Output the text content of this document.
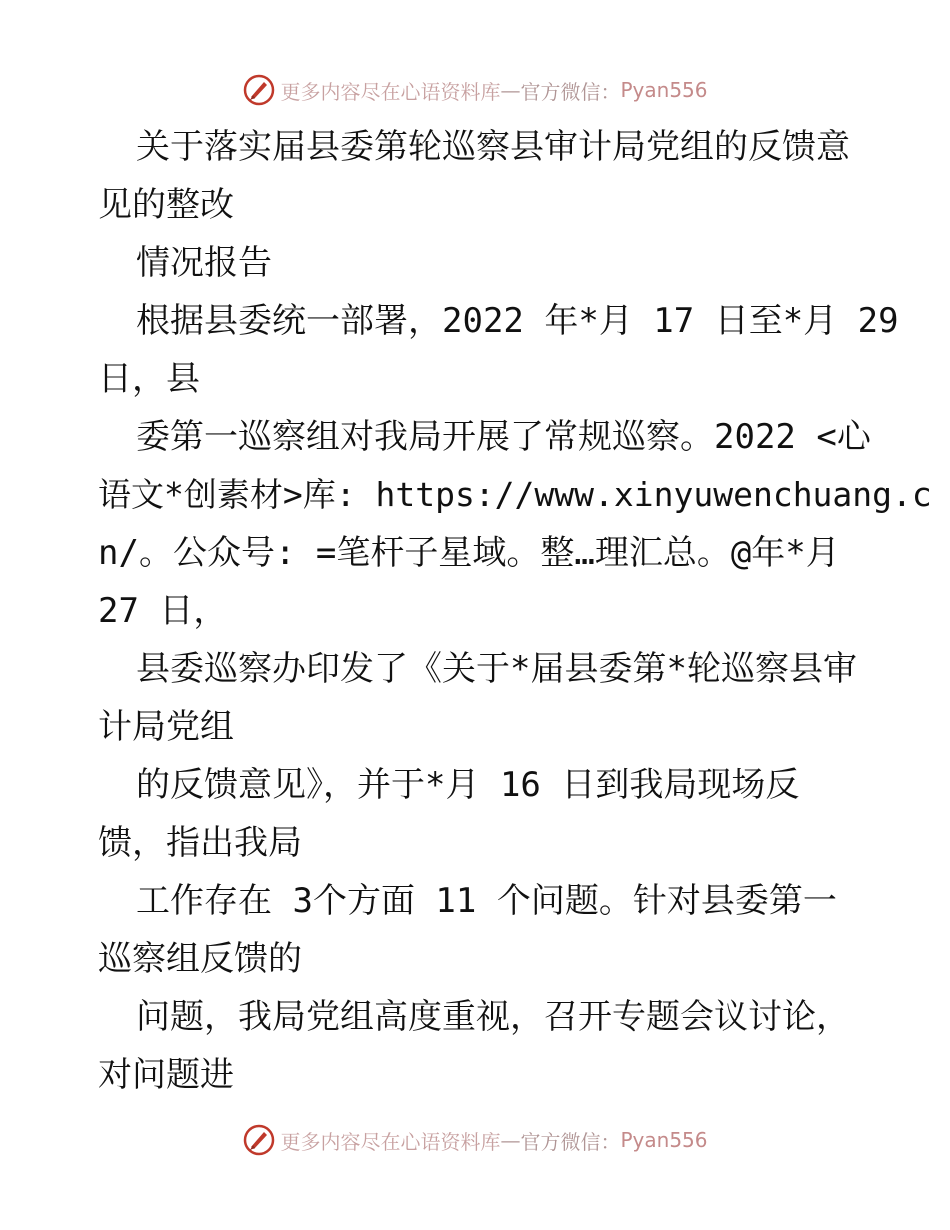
更多内容尽在心语资料库 — 官方微信： Pyan556
关于落实届县委第轮巡察县审计局党组的反馈意
见的整改
情况报告
根据县委统一部署，2022 年*月 17 日至*月 29
日，县
委第一巡察组对我局开展了常规巡察。2022 <心
语文*创素材>库: https://www.xinyuwenchuang.c
n/。公众号: =笔杆子星域。整…理汇总。@年*月
27 日，
县委巡察办印发了《关于*届县委第*轮巡察县审
计局党组
的反馈意见》，并于*月 16 日到我局现场反
馈，指出我局
工作存在 3个方面 11 个问题。针对县委第一
巡察组反馈的
问题，我局党组高度重视，召开专题会议讨论，
对问题进
更多内容尽在心语资料库 — 官方微信： Pyan556
